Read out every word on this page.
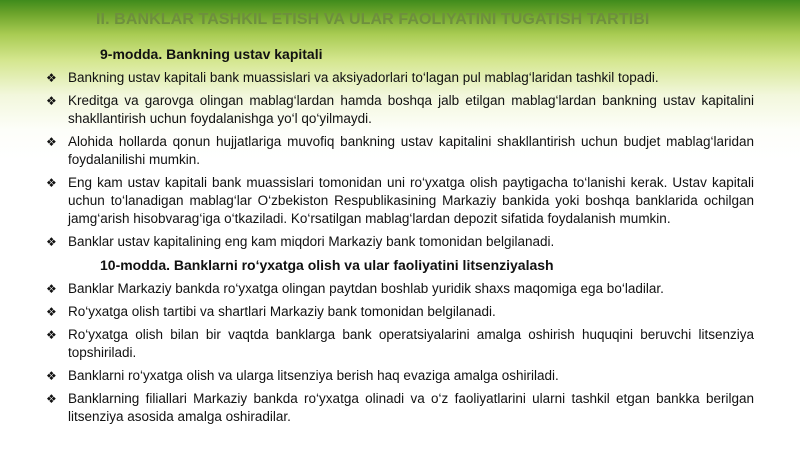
II. BANKLAR TASHKIL ETISH VA ULAR FAOLIYATINI TUGATISH TARTIBI
9-modda. Bankning ustav kapitali
❖ Bankning ustav kapitali bank muassislari va aksiyadorlari to‘lagan pul mablag‘laridan tashkil topadi.
❖ Kreditga va garovga olingan mablag‘lardan hamda boshqa jalb etilgan mablag‘lardan bankning ustav kapitalini shakllantirish uchun foydalanishga yo‘l qo‘yilmaydi.
❖ Alohida hollarda qonun hujjatlariga muvofiq bankning ustav kapitalini shakllantirish uchun budjet mablag‘laridan foydalanilishi mumkin.
❖ Eng kam ustav kapitali bank muassislari tomonidan uni ro‘yxatga olish paytigacha to‘lanishi kerak. Ustav kapitali uchun to‘lanadigan mablag‘lar O‘zbekiston Respublikasining Markaziy bankida yoki boshqa banklarida ochilgan jamg‘arish hisobvarag‘iga o‘tkaziladi. Ko‘rsatilgan mablag‘lardan depozit sifatida foydalanish mumkin.
❖ Banklar ustav kapitalining eng kam miqdori Markaziy bank tomonidan belgilanadi.
10-modda. Banklarni ro‘yxatga olish va ular faoliyatini litsenziyalash
❖ Banklar Markaziy bankda ro‘yxatga olingan paytdan boshlab yuridik shaxs maqomiga ega bo‘ladilar.
❖ Ro‘yxatga olish tartibi va shartlari Markaziy bank tomonidan belgilanadi.
❖ Ro‘yxatga olish bilan bir vaqtda banklarga bank operatsiyalarini amalga oshirish huquqini beruvchi litsenziya topshiriladi.
❖ Banklarni ro‘yxatga olish va ularga litsenziya berish haq evaziga amalga oshiriladi.
❖ Banklarning filiallari Markaziy bankda ro‘yxatga olinadi va o‘z faoliyatlarini ularni tashkil etgan bankka berilgan litsenziya asosida amalga oshiradilar.
